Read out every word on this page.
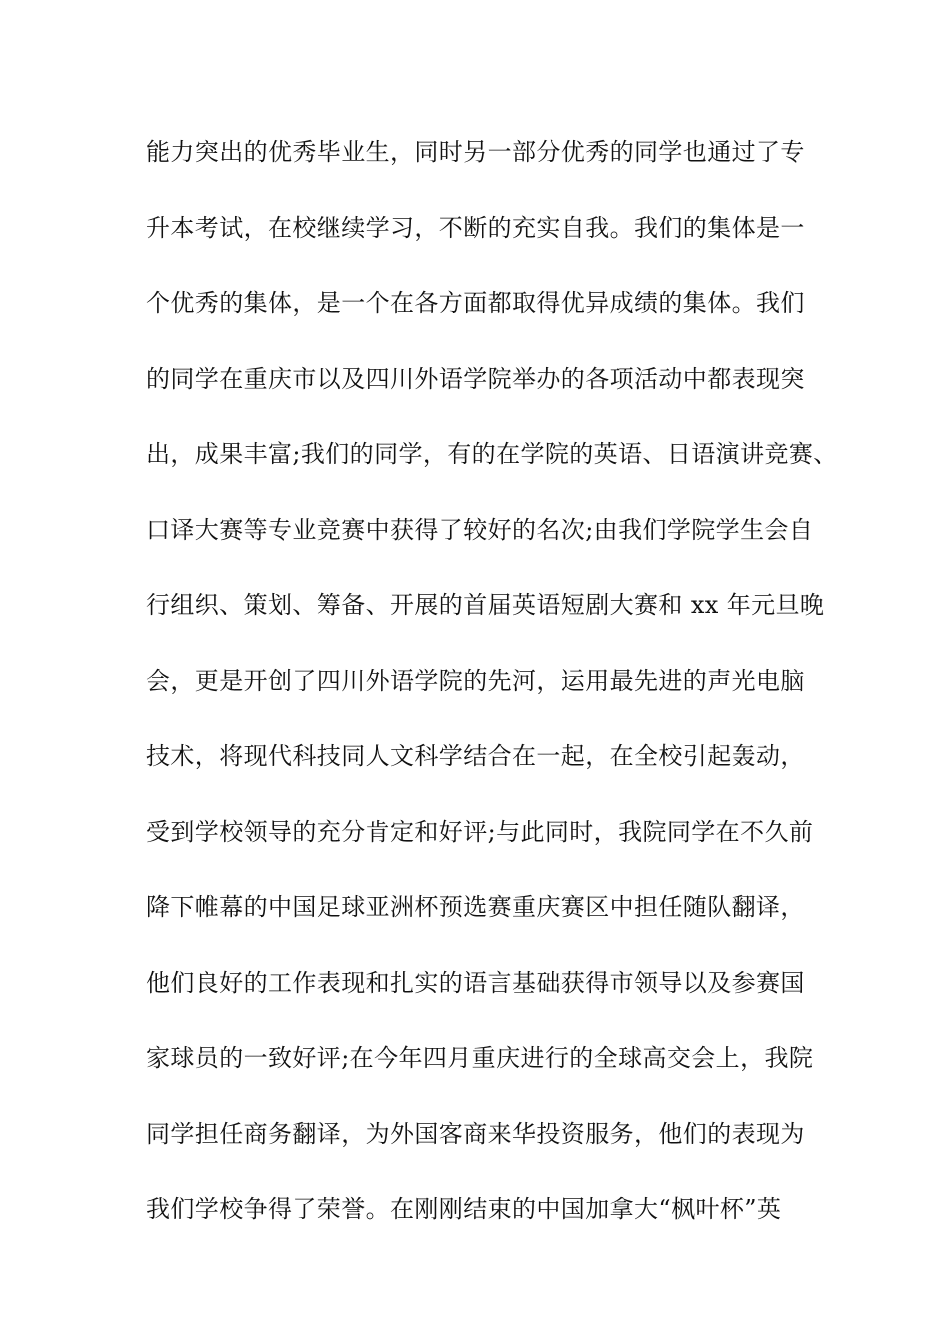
能力突出的优秀毕业生，同时另一部分优秀的同学也通过了专
升本考试，在校继续学习，不断的充实自我。我们的集体是一
个优秀的集体，是一个在各方面都取得优异成绩的集体。我们
的同学在重庆市以及四川外语学院举办的各项活动中都表现突
出，成果丰富;我们的同学，有的在学院的英语、日语演讲竞赛、
口译大赛等专业竞赛中获得了较好的名次;由我们学院学生会自
行组织、策划、筹备、开展的首届英语短剧大赛和 xx 年元旦晚
会，更是开创了四川外语学院的先河，运用最先进的声光电脑
技术，将现代科技同人文科学结合在一起，在全校引起轰动，
受到学校领导的充分肯定和好评;与此同时，我院同学在不久前
降下帷幕的中国足球亚洲杯预选赛重庆赛区中担任随队翻译，
他们良好的工作表现和扎实的语言基础获得市领导以及参赛国
家球员的一致好评;在今年四月重庆进行的全球高交会上，我院
同学担任商务翻译，为外国客商来华投资服务，他们的表现为
我们学校争得了荣誉。在刚刚结束的中国加拿大“枫叶杯”英
